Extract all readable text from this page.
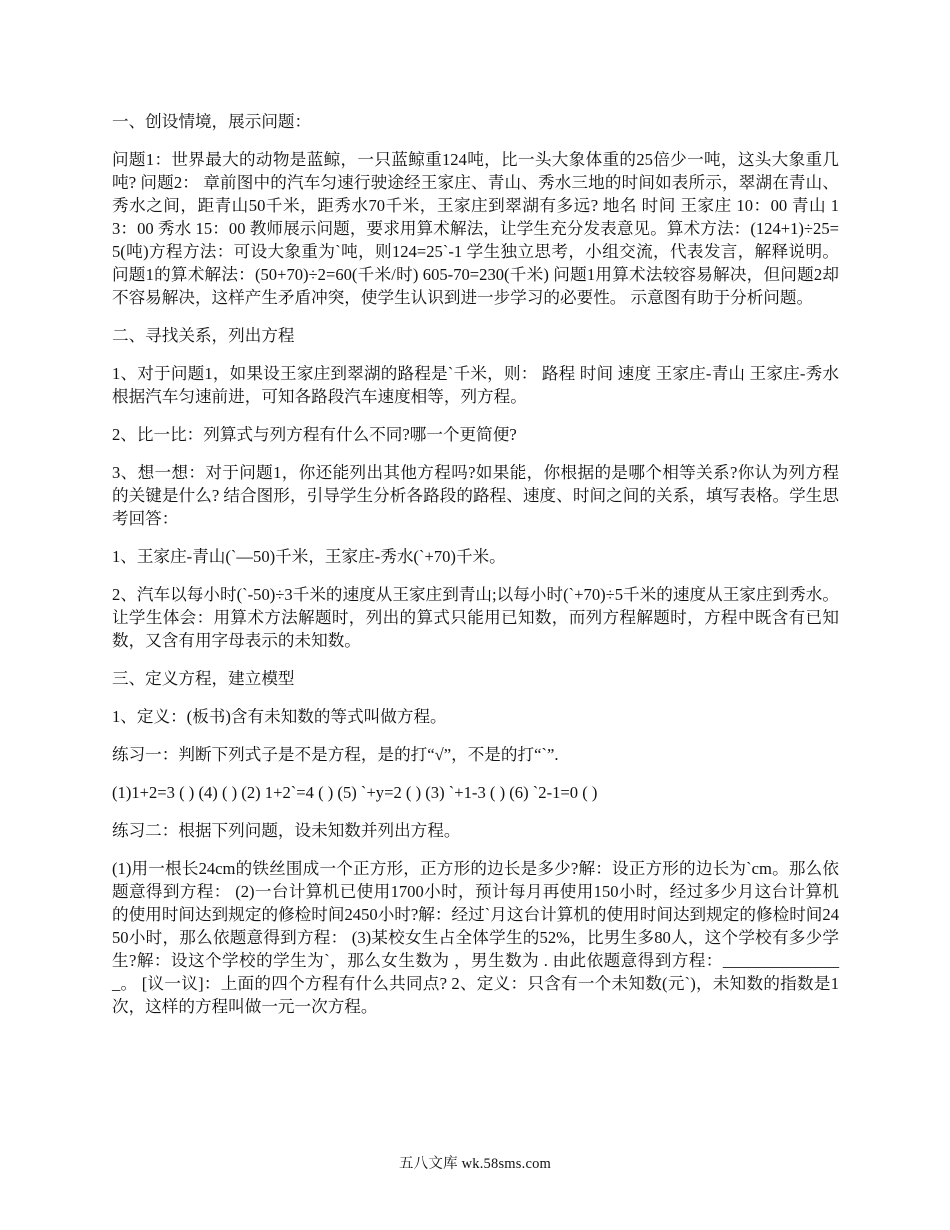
一、创设情境，展示问题：

问题1：世界最大的动物是蓝鲸，一只蓝鲸重124吨，比一头大象体重的25倍少一吨，这头大象重几吨? 问题2： 章前图中的汽车匀速行驶途经王家庄、青山、秀水三地的时间如表所示，翠湖在青山、秀水之间，距青山50千米，距秀水70千米，王家庄到翠湖有多远? 地名 时间 王家庄 10：00 青山 13：00 秀水 15：00 教师展示问题，要求用算术解法，让学生充分发表意见。算术方法：(124+1)÷25=5(吨)方程方法：可设大象重为`吨，则124=25`-1 学生独立思考，小组交流，代表发言，解释说明。问题1的算术解法：(50+70)÷2=60(千米/时) 605-70=230(千米) 问题1用算术法较容易解决，但问题2却不容易解决，这样产生矛盾冲突，使学生认识到进一步学习的必要性。 示意图有助于分析问题。

二、寻找关系，列出方程

1、对于问题1，如果设王家庄到翠湖的路程是`千米，则： 路程 时间 速度 王家庄-青山 王家庄-秀水 根据汽车匀速前进，可知各路段汽车速度相等，列方程。

2、比一比：列算式与列方程有什么不同?哪一个更简便?

3、想一想：对于问题1，你还能列出其他方程吗?如果能，你根据的是哪个相等关系?你认为列方程的关键是什么? 结合图形，引导学生分析各路段的路程、速度、时间之间的关系，填写表格。学生思考回答：

1、王家庄-青山(`—50)千米，王家庄-秀水(`+70)千米。

2、汽车以每小时(`-50)÷3千米的速度从王家庄到青山;以每小时(`+70)÷5千米的速度从王家庄到秀水。 让学生体会：用算术方法解题时，列出的算式只能用已知数，而列方程解题时，方程中既含有已知数，又含有用字母表示的未知数。

三、定义方程，建立模型

1、定义：(板书)含有未知数的等式叫做方程。

练习一：判断下列式子是不是方程，是的打“√”，不是的打“`”.

(1)1+2=3 ( ) (4) ( ) (2) 1+2`=4 ( ) (5) `+y=2 ( ) (3) `+1-3 ( ) (6) `2-1=0 ( )

练习二：根据下列问题，设未知数并列出方程。

(1)用一根长24cm的铁丝围成一个正方形，正方形的边长是多少?解：设正方形的边长为`cm。那么依题意得到方程： (2)一台计算机已使用1700小时，预计每月再使用150小时，经过多少月这台计算机的使用时间达到规定的修检时间2450小时?解：经过`月这台计算机的使用时间达到规定的修检时间2450小时，那么依题意得到方程： (3)某校女生占全体学生的52%，比男生多80人，这个学校有多少学生?解：设这个学校的学生为`，那么女生数为 ，男生数为 . 由此依题意得到方程：_______________。 [议一议]：上面的四个方程有什么共同点? 2、定义：只含有一个未知数(元`)，未知数的指数是1次，这样的方程叫做一元一次方程。

五八文库 wk.58sms.com
